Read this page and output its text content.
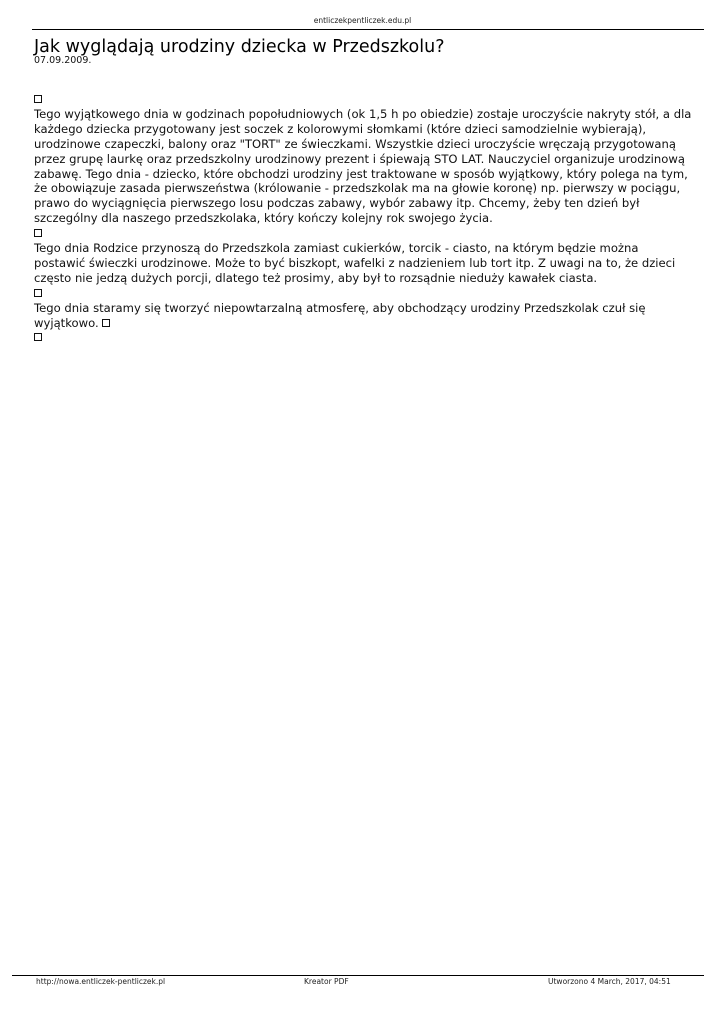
entliczekpentliczek.edu.pl
Jak wyglądają urodziny dziecka w Przedszkolu?
07.09.2009.

Tego wyjątkowego dnia w godzinach popołudniowych (ok 1,5 h po obiedzie) zostaje uroczyście nakryty stół, a dla każdego dziecka przygotowany jest soczek z kolorowymi słomkami (które dzieci samodzielnie wybierają), urodzinowe czapeczki, balony oraz "TORT" ze świeczkami. Wszystkie dzieci uroczyście wręczają przygotowaną przez grupę laurkę oraz przedszkolny urodzinowy prezent i śpiewają STO LAT. Nauczyciel organizuje urodzinową zabawę. Tego dnia - dziecko, które obchodzi urodziny jest traktowane w sposób wyjątkowy, który polega na tym, że obowiązuje zasada pierwszeństwa (królowanie - przedszkolak ma na głowie koronę) np. pierwszy w pociągu, prawo do wyciągnięcia pierwszego losu podczas zabawy, wybór zabawy itp. Chcemy, żeby ten dzień był szczególny dla naszego przedszkolaka, który kończy kolejny rok swojego życia.

Tego dnia Rodzice przynoszą do Przedszkola zamiast cukierków, torcik - ciasto, na którym będzie można postawić świeczki urodzinowe. Może to być biszkopt, wafelki z nadzieniem lub tort itp. Z uwagi na to, że dzieci często nie jedzą dużych porcji, dlatego też prosimy, aby był to rozsądnie nieduży kawałek ciasta.

Tego dnia staramy się tworzyć niepowtarzalną atmosferę, aby obchodzący urodziny Przedszkolak czuł się wyjątkowo.

http://nowa.entliczek-pentliczek.pl	Kreator PDF	Utworzono 4 March, 2017, 04:51
